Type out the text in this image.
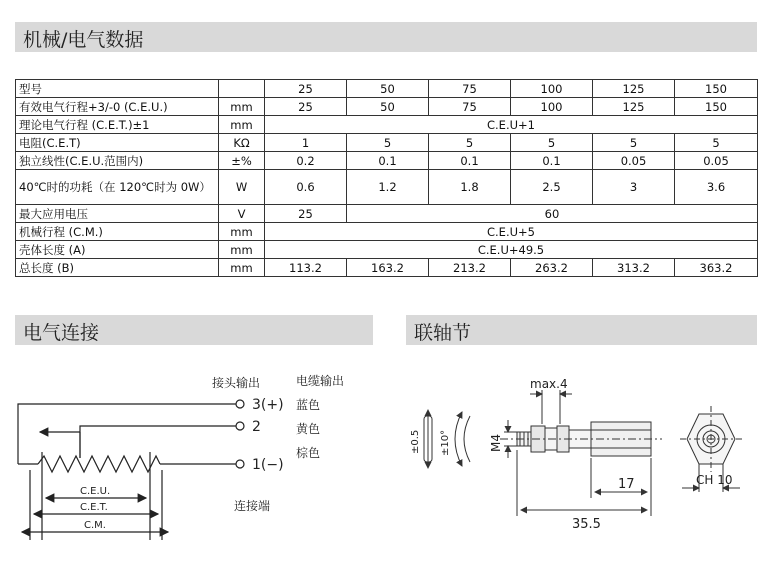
机械/电气数据
型号		25	50	75	100	125	150
有效电气行程+3/-0 (C.E.U.)	mm	25	50	75	100	125	150
理论电气行程 (C.E.T.)±1	mm	C.E.U+1					
电阻(C.E.T)	KΩ	1	5	5	5	5	5
独立线性(C.E.U.范围内)	±%	0.2	0.1	0.1	0.1	0.05	0.05
40℃时的功耗（在 120℃时为 0W）	W	0.6	1.2	1.8	2.5	3	3.6
最大应用电压	V	25	60				
机械行程 (C.M.)	mm	C.E.U+5					
壳体长度 (A)	mm	C.E.U+49.5					
总长度 (B)	mm	113.2	163.2	213.2	263.2	313.2	363.2
电气连接	联轴节
接头输出	电缆输出
3(+)
2
1(−)
蓝色
黄色
棕色
连接端
C.E.U.
C.E.T.
C.M.
max.4
±0.5 ±10°	M4
17
35.5
CH 10
